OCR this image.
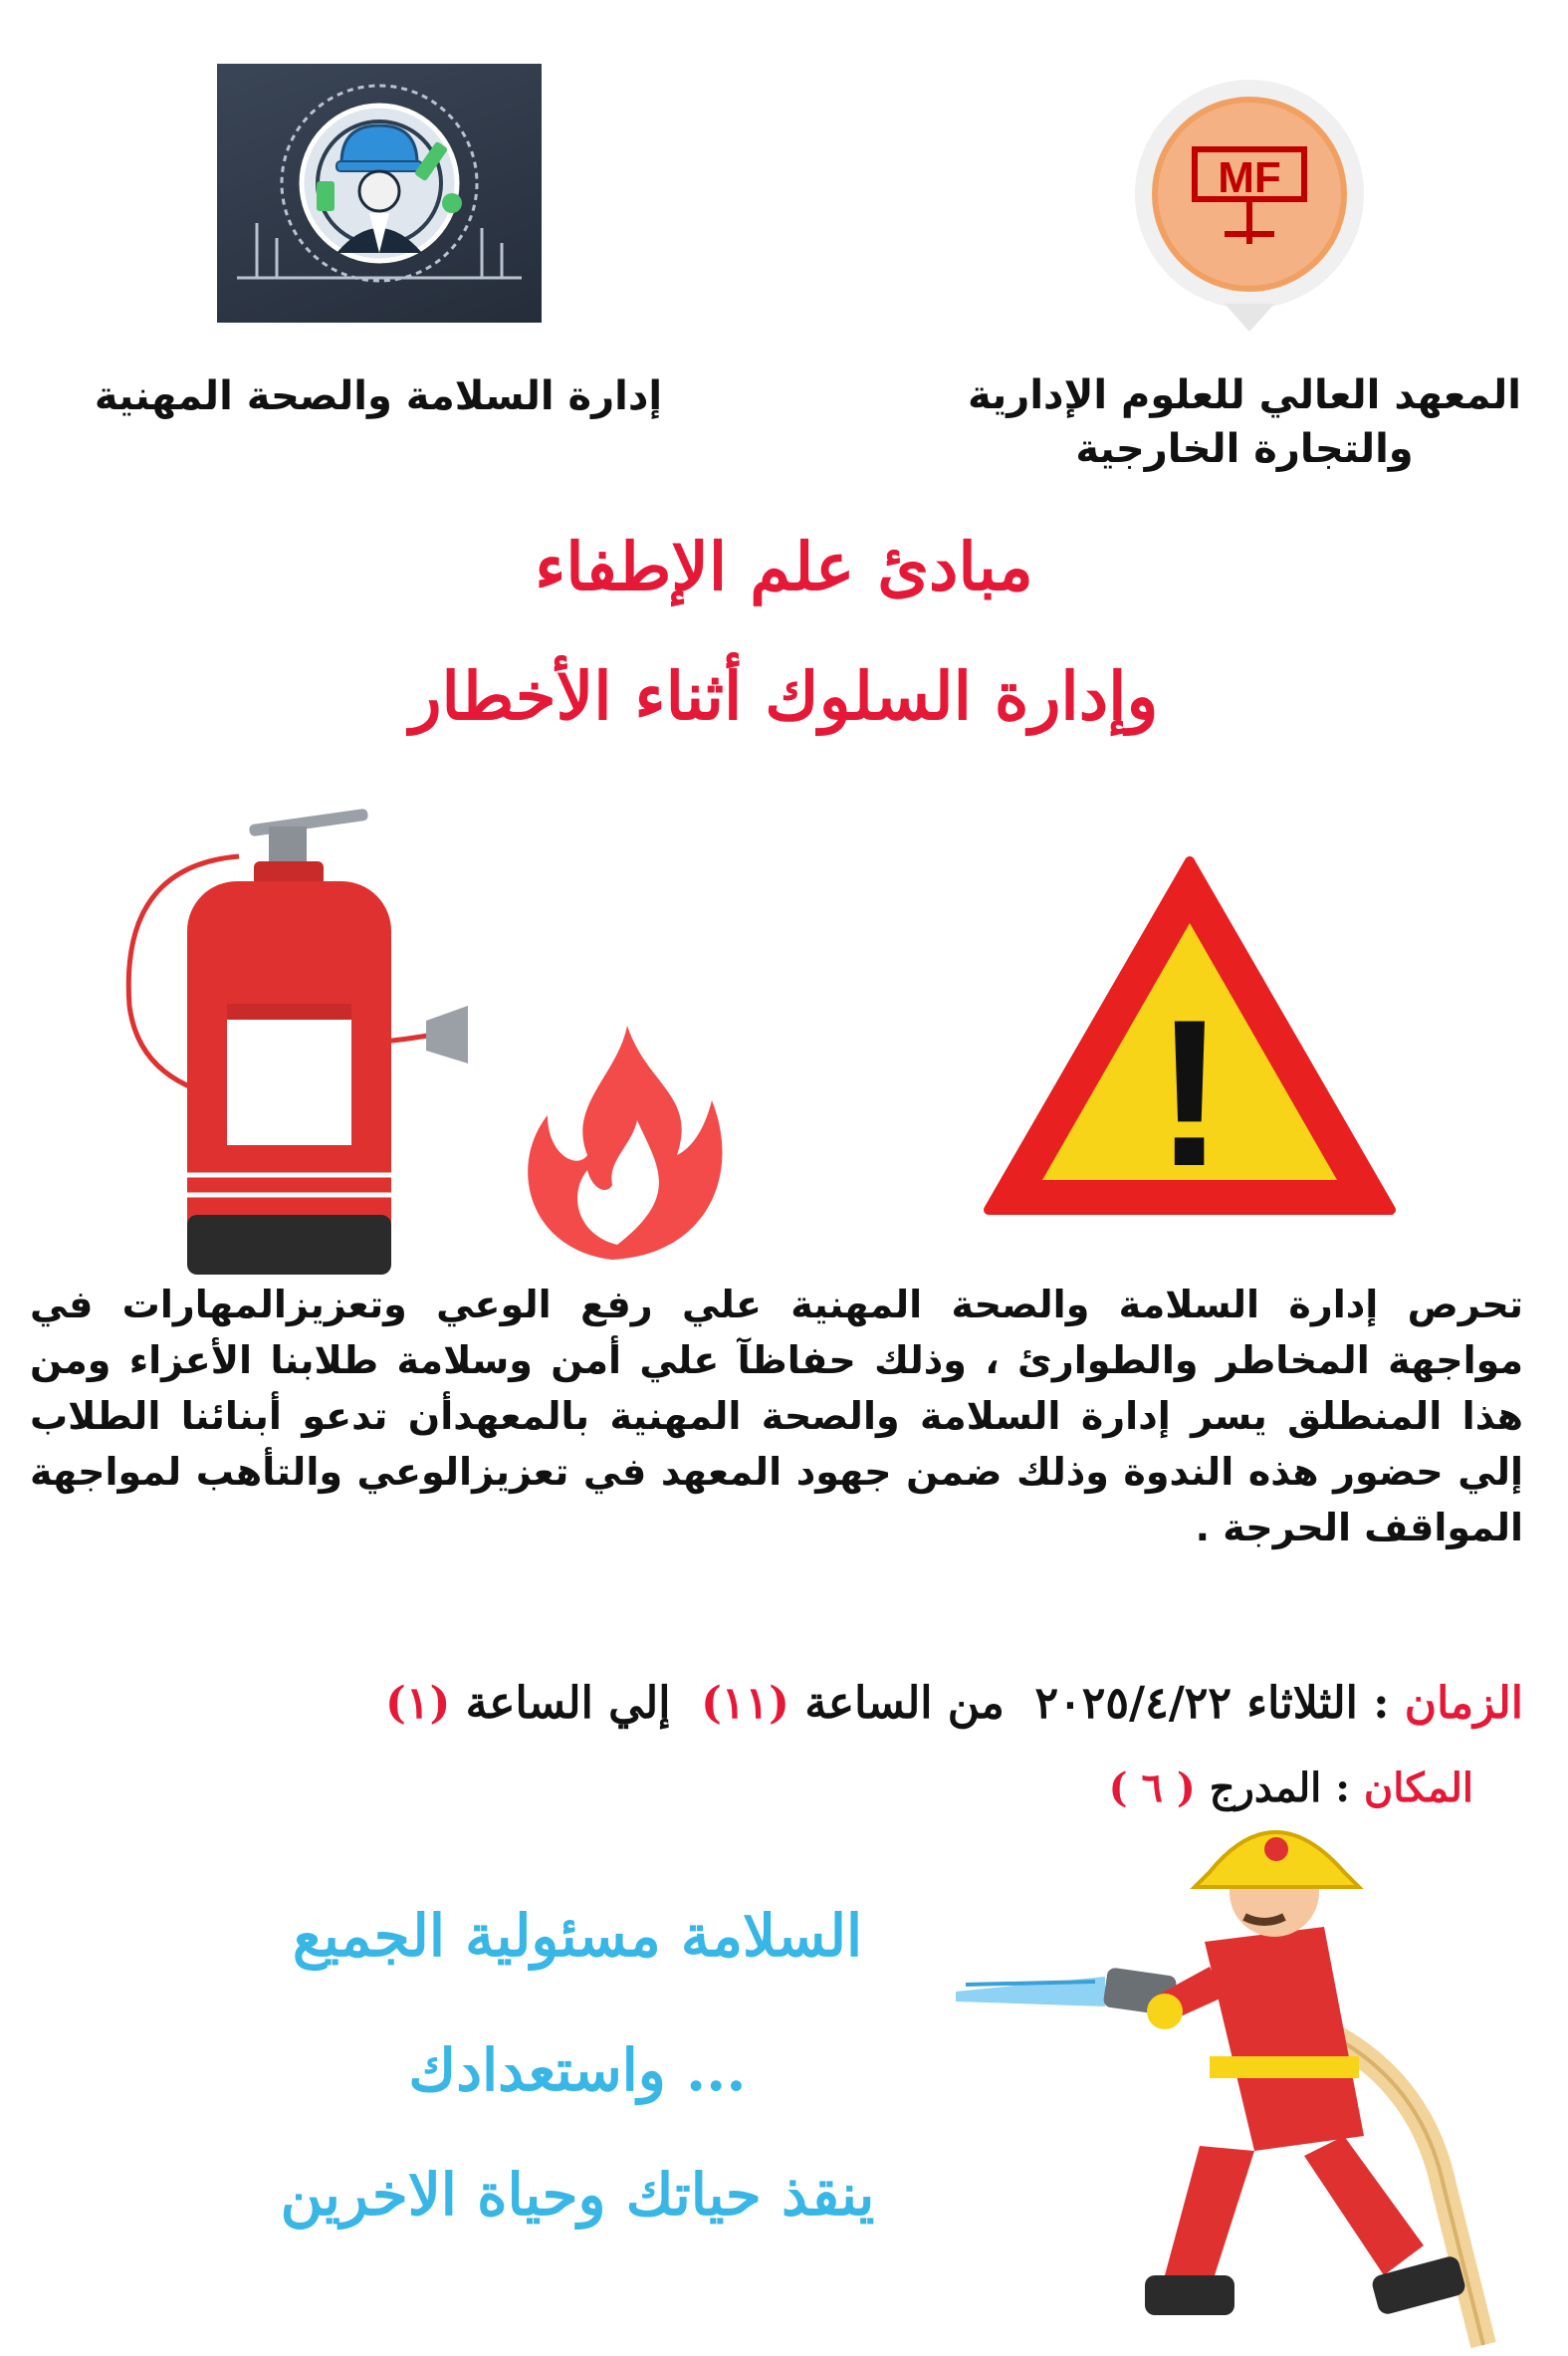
MF
إدارة السلامة والصحة المهنية	المعهد العالي للعلوم الإدارية
والتجارة الخارجية
مبادئ علم الإطفاء
وإدارة السلوك أثناء الأخطار
!
تحرص إدارة السلامة والصحة المهنية علي رفع الوعي وتعزيزالمهارات في مواجهة المخاطر والطوارئ ، وذلك حفاظآ علي أمن وسلامة طلابنا الأعزاء ومن هذا المنطلق يسر إدارة السلامة والصحة المهنية بالمعهدأن تدعو أبنائنا الطلاب إلي حضور هذه الندوة وذلك ضمن جهود المعهد في تعزيزالوعي والتأهب لمواجهة المواقف الحرجة .
الزمان : الثلاثاء ٢٠٢٥/٤/٢٢  من الساعة (١١)  إلي الساعة (١)
المكان : المدرج ( ٦ )
السلامة مسئولية الجميع
... واستعدادك
ينقذ حياتك وحياة الاخرين
